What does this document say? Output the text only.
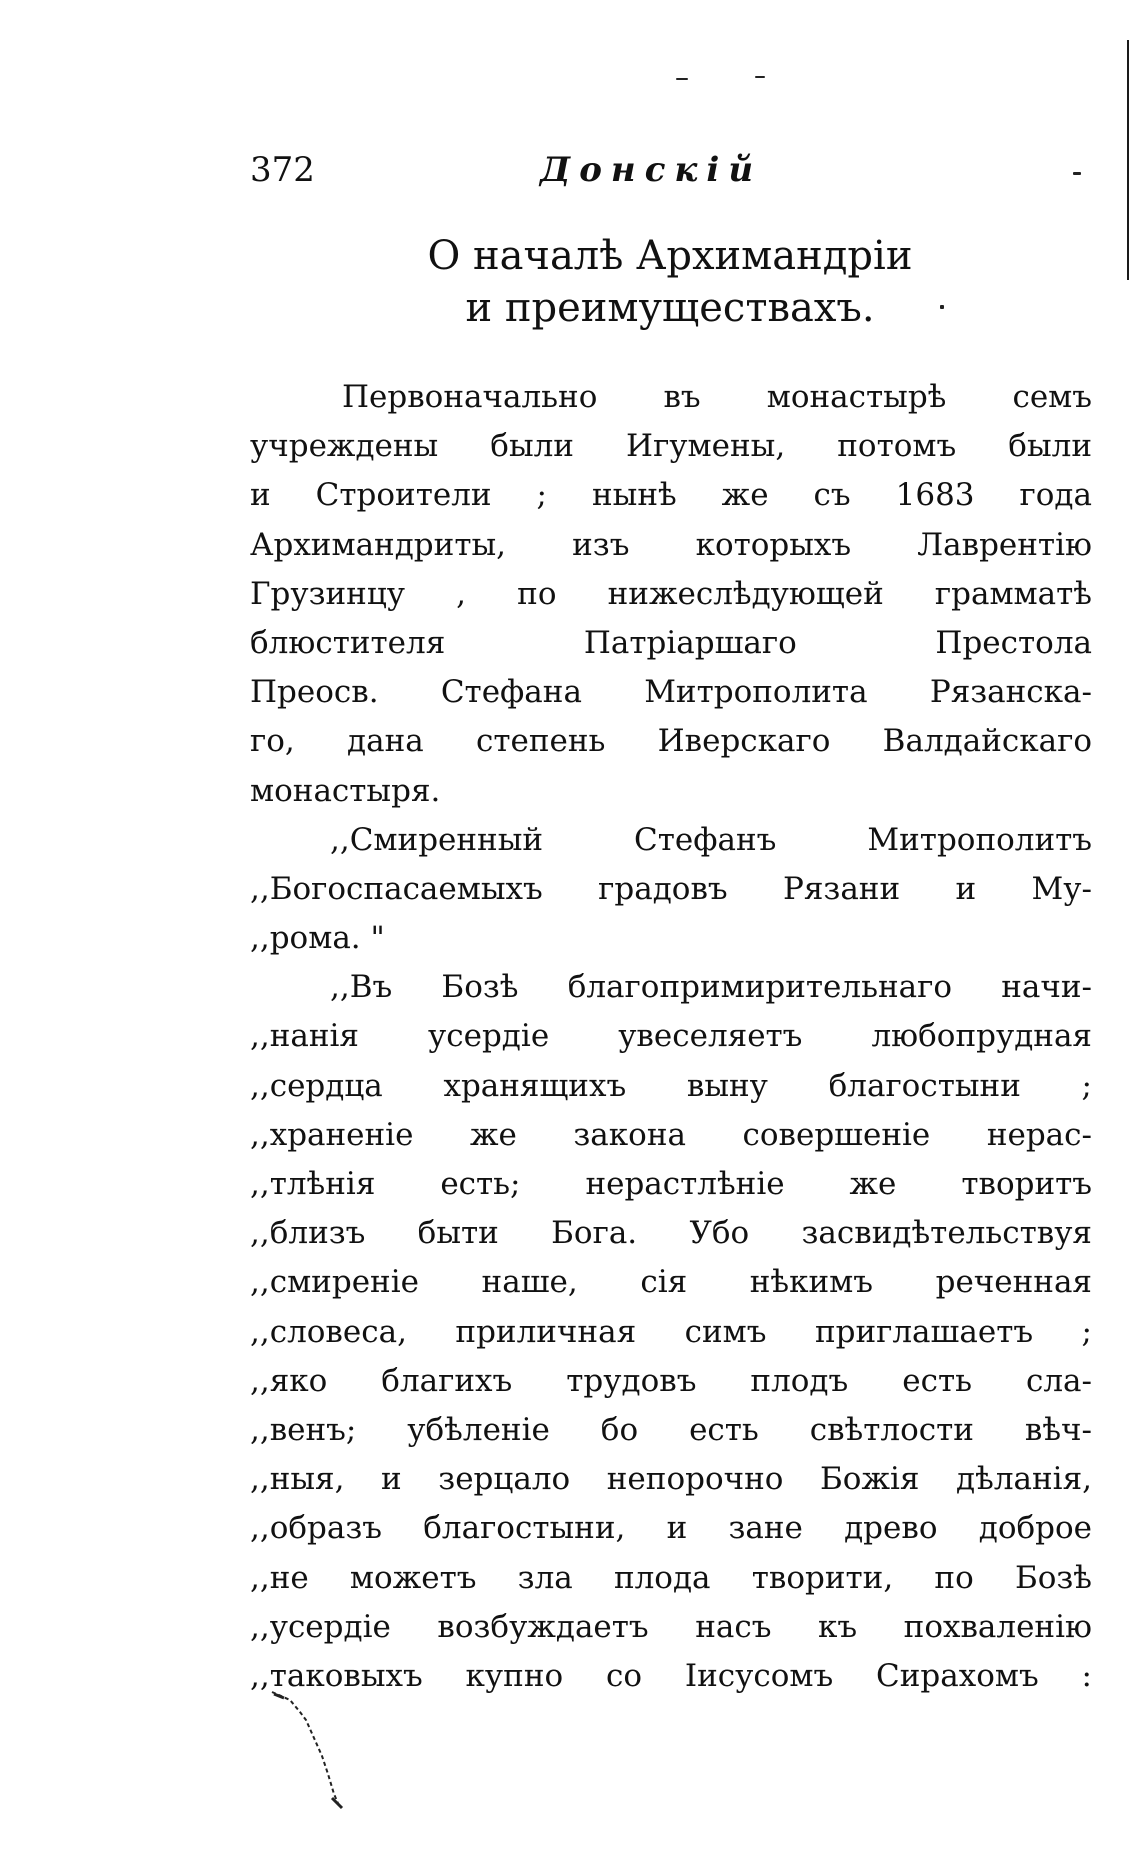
372	Донскiй
О началѣ Архимандрiи
и преимуществахъ.
Первоначально въ монастырѣ семъ
учреждены были Игумены, потомъ были
и Строители ; нынѣ же съ 1683 года
Архимандриты, изъ которыхъ Лаврентiю
Грузинцу , по нижеслѣдующей грамматѣ
блюстителя Патрiаршаго Престола
Преосв. Стефана Митрополита Рязанска-
го, дана степень Иверскаго Валдайскаго
монастыря.
,,Смиренный Стефанъ Митрополитъ
,,Богоспасаемыхъ градовъ Рязани и Му-
,,рома. "
,,Въ Бозѣ благопримирительнаго начи-
,,нанiя усердiе увеселяетъ любопрудная
,,сердца хранящихъ выну благостыни ;
,,храненiе же закона совершенiе нерас-
,,тлѣнiя есть; нерастлѣнiе же творитъ
,,близъ быти Бога. Убо засвидѣтельствуя
,,смиренiе наше, сiя нѣкимъ реченная
,,словеса, приличная симъ приглашаетъ ;
,,яко благихъ трудовъ плодъ есть сла-
,,венъ; убѣленiе бо есть свѣтлости вѣч-
,,ныя, и зерцало непорочно Божiя дѣланiя,
,,образъ благостыни, и зане древо доброе
,,не можетъ зла плода творити, по Бозѣ
,,усердiе возбуждаетъ насъ къ похваленiю
,,таковыхъ купно со Iисусомъ Сирахомъ :
